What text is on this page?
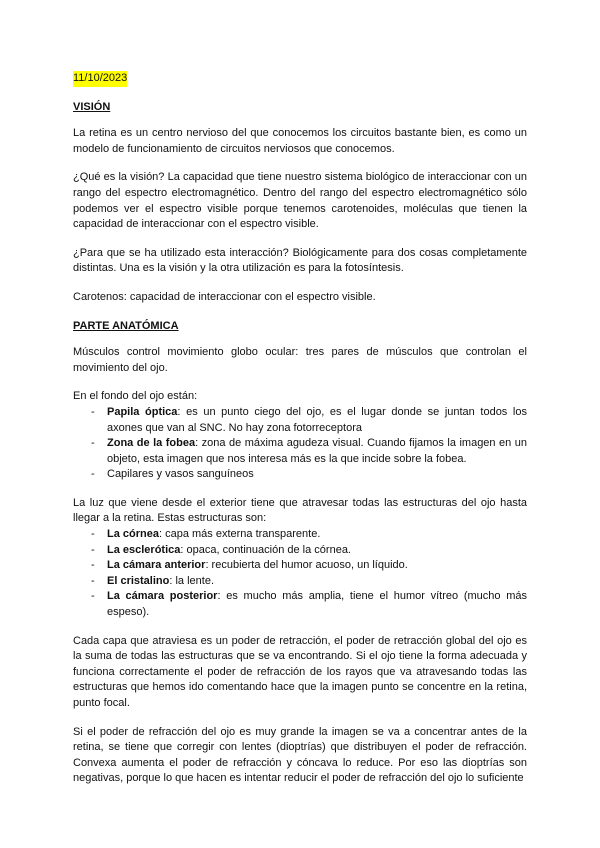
11/10/2023
VISIÓN

La retina es un centro nervioso del que conocemos los circuitos bastante bien, es como un modelo de funcionamiento de circuitos nerviosos que conocemos.

¿Qué es la visión? La capacidad que tiene nuestro sistema biológico de interaccionar con un rango del espectro electromagnético. Dentro del rango del espectro electromagnético sólo podemos ver el espectro visible porque tenemos carotenoides, moléculas que tienen la capacidad de interaccionar con el espectro visible.

¿Para que se ha utilizado esta interacción? Biológicamente para dos cosas completamente distintas. Una es la visión y la otra utilización es para la fotosíntesis.

Carotenos: capacidad de interaccionar con el espectro visible.

PARTE ANATÓMICA

Músculos control movimiento globo ocular: tres pares de músculos que controlan el movimiento del ojo.

En el fondo del ojo están:

- Papila óptica: es un punto ciego del ojo, es el lugar donde se juntan todos los axones que van al SNC. No hay zona fotorreceptora
- Zona de la fobea: zona de máxima agudeza visual. Cuando fijamos la imagen en un objeto, esta imagen que nos interesa más es la que incide sobre la fobea.
- Capilares y vasos sanguíneos

La luz que viene desde el exterior tiene que atravesar todas las estructuras del ojo hasta llegar a la retina. Estas estructuras son:

- La córnea: capa más externa transparente.
- La esclerótica: opaca, continuación de la córnea.
- La cámara anterior: recubierta del humor acuoso, un líquido.
- El cristalino: la lente.
- La cámara posterior: es mucho más amplia, tiene el humor vítreo (mucho más espeso).

Cada capa que atraviesa es un poder de retracción, el poder de retracción global del ojo es la suma de todas las estructuras que se va encontrando. Si el ojo tiene la forma adecuada y funciona correctamente el poder de refracción de los rayos que va atravesando todas las estructuras que hemos ido comentando hace que la imagen punto se concentre en la retina, punto focal.

Si el poder de refracción del ojo es muy grande la imagen se va a concentrar antes de la retina, se tiene que corregir con lentes (dioptrías) que distribuyen el poder de refracción. Convexa aumenta el poder de refracción y cóncava lo reduce. Por eso las dioptrías son negativas, porque lo que hacen es intentar reducir el poder de refracción del ojo lo suficiente
